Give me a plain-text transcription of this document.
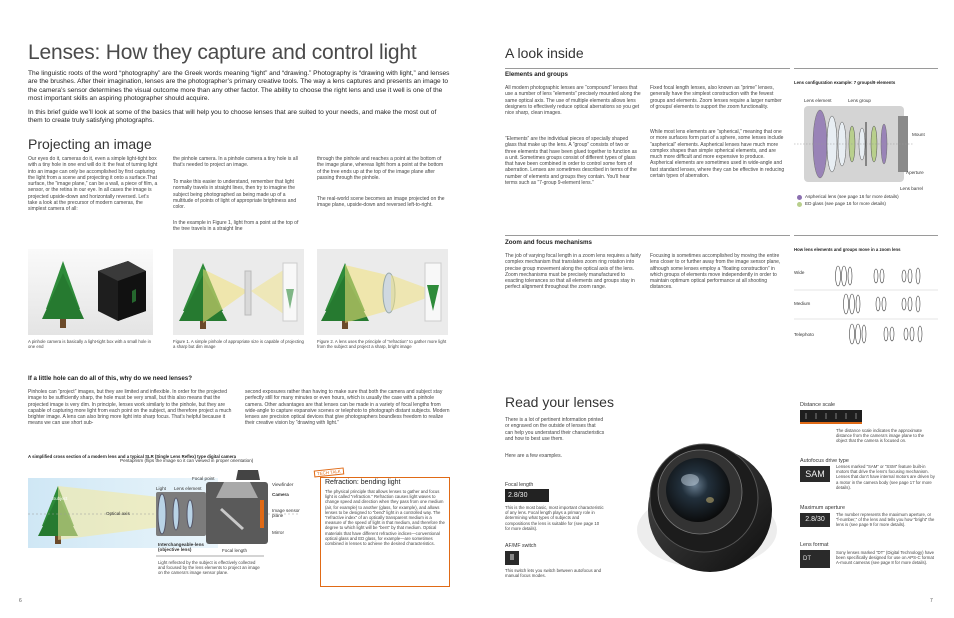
Lenses: How they capture and control light
The linguistic roots of the word “photography” are the Greek words meaning “light” and “drawing.” Photography is “drawing with light,” and lenses are the brushes. After their imagination, lenses are the photographer’s primary creative tools. The way a lens captures and presents an image to the camera’s sensor determines the visual outcome more than any other factor. The ability to choose the right lens and use it well is one of the most important skills an aspiring photographer should acquire.
In this brief guide we’ll look at some of the basics that will help you to choose lenses that are suited to your needs, and make the most out of them to create truly satisfying photographs.
Projecting an image
Our eyes do it, cameras do it, even a simple light-tight box with a tiny hole in one end will do it: the feat of turning light into an image can only be accomplished by first capturing the light from a scene and projecting it onto a surface.That surface, the “image plane,” can be a wall, a piece of film, a sensor, or the retina in our eye. In all cases the image is projected upside-down and horizontally reversed. Let’s take a look at the precursor of modern cameras, the simplest camera of all:
the pinhole camera. In a pinhole camera a tiny hole is all that’s needed to project an image.
To make this easier to understand, remember that light normally travels in straight lines, then try to imagine the subject being photographed as being made up of a multitude of points of light of appropriate brightness and color.
In the example in Figure 1, light from a point at the top of the tree travels in a straight line
through the pinhole and reaches a point at the bottom of the image plane, whereas light from a point at the bottom of the tree ends up at the top of the image plane after passing through the pinhole.
The real-world scene becomes an image projected on the image plane, upside-down and reversed left-to-right.
A pinhole camera is basically a light-tight box with a small hole in one end
Figure 1. A simple pinhole of appropriate size is capable of projecting a sharp but dim image
Figure 2. A lens uses the principle of “refraction” to gather more light from the subject and project a sharp, bright image
If a little hole can do all of this, why do we need lenses?
Pinholes can “project” images, but they are limited and inflexible. In order for the projected image to be sufficiently sharp, the hole must be very small, but this also means that the projected image is very dim. In principle, lenses work similarly to the pinhole, but they are capable of capturing more light from each point on the subject, and therefore project a much brighter image. A lens can also bring more light into sharp focus. That’s helpful because it means we can use short sub-
second exposures rather than having to make sure that both the camera and subject stay perfectly still for many minutes or even hours, which is usually the case with a pinhole camera. Other advantages are that lenses can be made in a variety of focal lengths from wide-angle to capture expansive scenes or telephoto to photograph distant subjects. Modern lenses are precision optical devices that give photographers boundless freedom to realize their creative vision by “drawing with light.”
A simplified cross section of a modern lens and a typical SLR (Single Lens Reflex) type digital camera
Pentaprism (flips the image so it can viewed in proper orientation)
Focal point
Light Lens element
Subject
Optical axis
Viewfinder
Camera
Image sensor plane
Mirror
Interchangeable-lens (objective lens)	Focal length
Light reflected by the subject is effectively collected and focused by the lens elements to project an image on the camera’s image sensor plane.
TECH TALK
Refraction: bending light
The physical principle that allows lenses to gather and focus light is called “refraction.” Refraction causes light waves to change speed and direction when they pass from one medium (air, for example) to another (glass, for example), and allows lenses to be designed to “bend” light in a controlled way. The “refractive index” of an optically transparent medium is a measure of the speed of light in that medium, and therefore the degree to which light will be “bent” by that medium. Optical materials that have different refractive indices—conventional optical glass and ED glass, for example—are sometimes combined in lenses to achieve the desired characteristics.
6
A look inside
Elements and groups
All modern photographic lenses are “compound” lenses that use a number of lens “elements” precisely mounted along the same optical axis. The use of multiple elements allows lens designers to effectively reduce optical aberrations so you get nice sharp, clean images.
“Elements” are the individual pieces of specially shaped glass that make up the lens. A “group” consists of two or three elements that have been glued together to function as a unit. Sometimes groups consist of different types of glass that have been combined in order to control some form of aberration. Lenses are sometimes described in terms of the number of elements and groups they contain. You’ll hear terms such as “7-group 9-element lens.”
Fixed focal length lenses, also known as “prime” lenses, generally have the simplest construction with the fewest groups and elements. Zoom lenses require a larger number of groups/ elements to support the zoom functionality.
While most lens elements are “spherical,” meaning that one or more surfaces form part of a sphere, some lenses include “aspherical” elements. Aspherical lenses have much more complex shapes than simple spherical elements, and are much more difficult and more expensive to produce. Aspherical elements are sometimes used in wide-angle and fast standard lenses, where they can be effective in reducing certain types of aberration.
Lens configuration example: 7 groups/9 elements
Lens element	Lens group
Mount
Aperture
Lens barrel
Aspherical lens (see page 16 for more details)
ED glass (see page 16 for more details)
Zoom and focus mechanisms
The job of varying focal length in a zoom lens requires a fairly complex mechanism that translates zoom ring rotation into precise group movement along the optical axis of the lens. Zoom mechanisms must be precisely manufactured to exacting tolerances so that all elements and groups stay in perfect alignment throughout the zoom range.
Focusing is sometimes accomplished by moving the entire lens closer to or further away from the image sensor plane, although some lenses employ a “floating construction” in which groups of elements move independently in order to maintain optimum optical performance at all shooting distances.
How lens elements and groups move in a zoom lens
Wide
Medium
Telephoto
Read your lenses
There is a lot of pertinent information printed or engraved on the outside of lenses that can help you understand their characteristics and how to best use them.
Here are a few examples.
Focal length
2.8/30
This is the most basic, most important characteristic of any lens. Focal length plays a primary role in determining what types of subjects and compositions the lens is suitable for (see page 10 for more details).
AF/MF switch
This switch lets you switch between autofocus and manual focus modes.
Distance scale
The distance scale indicates the approximate distance from the camera’s image plane to the object that the camera is focused on.
Autofocus drive type
SAM
Lenses marked “SAM” or “SSM” feature built-in motors that drive the lens’s focusing mechanism. Lenses that don’t have internal motors are driven by a motor in the camera body (see page 17 for more details).
Maximum aperture
2.8/30
The number represents the maximum aperture, or “f-number,” of the lens and tells you how “bright” the lens is (see page 9 for more details).
Lens format
DT
Sony lenses marked “DT” (Digital Technology) have been specifically designed for use on APS-C format A-mount cameras (see page 8 for more details).
7
